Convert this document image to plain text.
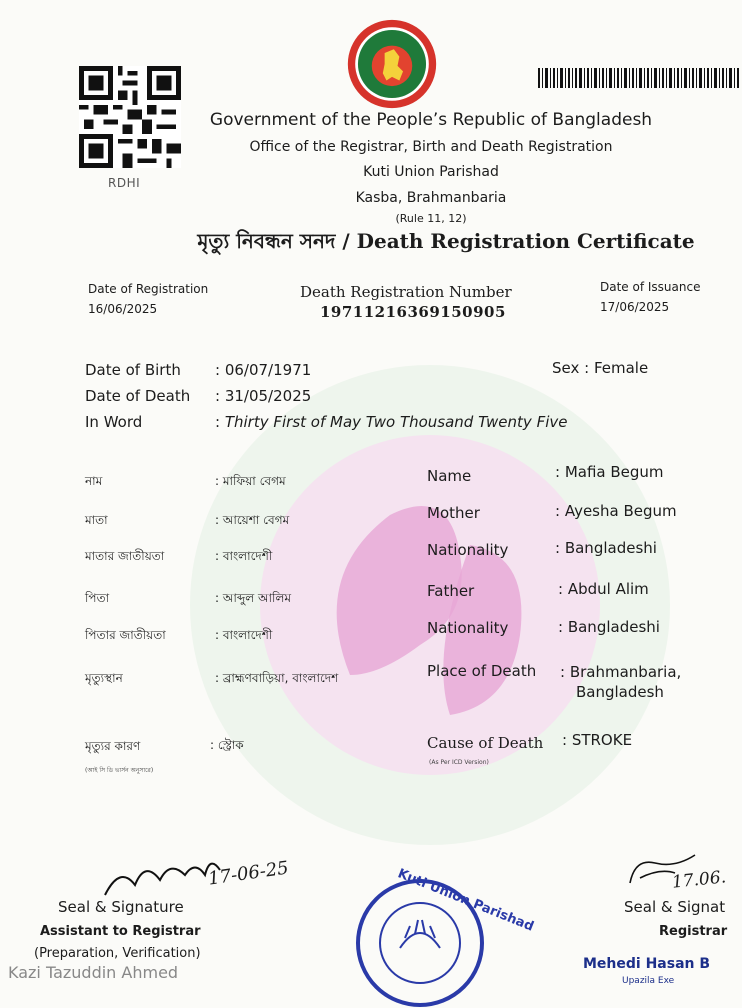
RDHI
Government of the People’s Republic of Bangladesh
Office of the Registrar, Birth and Death Registration
Kuti Union Parishad
Kasba, Brahmanbaria
(Rule 11, 12)
মৃত্যু নিবন্ধন সনদ / Death Registration Certificate
Date of Registration
16/06/2025
Death Registration Number
19711216369150905
Date of Issuance
17/06/2025
Date of Birth : 06/07/1971
Date of Death : 31/05/2025
In Word	: Thirty First of May Two Thousand Twenty Five
Sex : Female
নাম	: মাফিয়া বেগম
মাতা	: আয়েশা বেগম
মাতার জাতীয়তা	: বাংলাদেশী
পিতা	: আব্দুল আলিম
পিতার জাতীয়তা	: বাংলাদেশী
মৃত্যুস্থান	: ব্রাহ্মণবাড়িয়া, বাংলাদেশ
মৃত্যুর কারণ	: স্ট্রোক
(আই সি ডি ভার্সন অনুসারে)
Name	: Mafia Begum
Mother	: Ayesha Begum
Nationality	: Bangladeshi
Father	: Abdul Alim
Nationality	: Bangladeshi
Place of Death : Brahmanbaria,
Bangladesh
Cause of Death : STROKE
(As Per ICD Version)
17-06-25
Seal & Signature
Assistant to Registrar
(Preparation, Verification)
Kazi Tazuddin Ahmed
Kuti Union Parishad	17.06.
Seal & Signat
Registrar
Mehedi Hasan B
Upazila Exe
